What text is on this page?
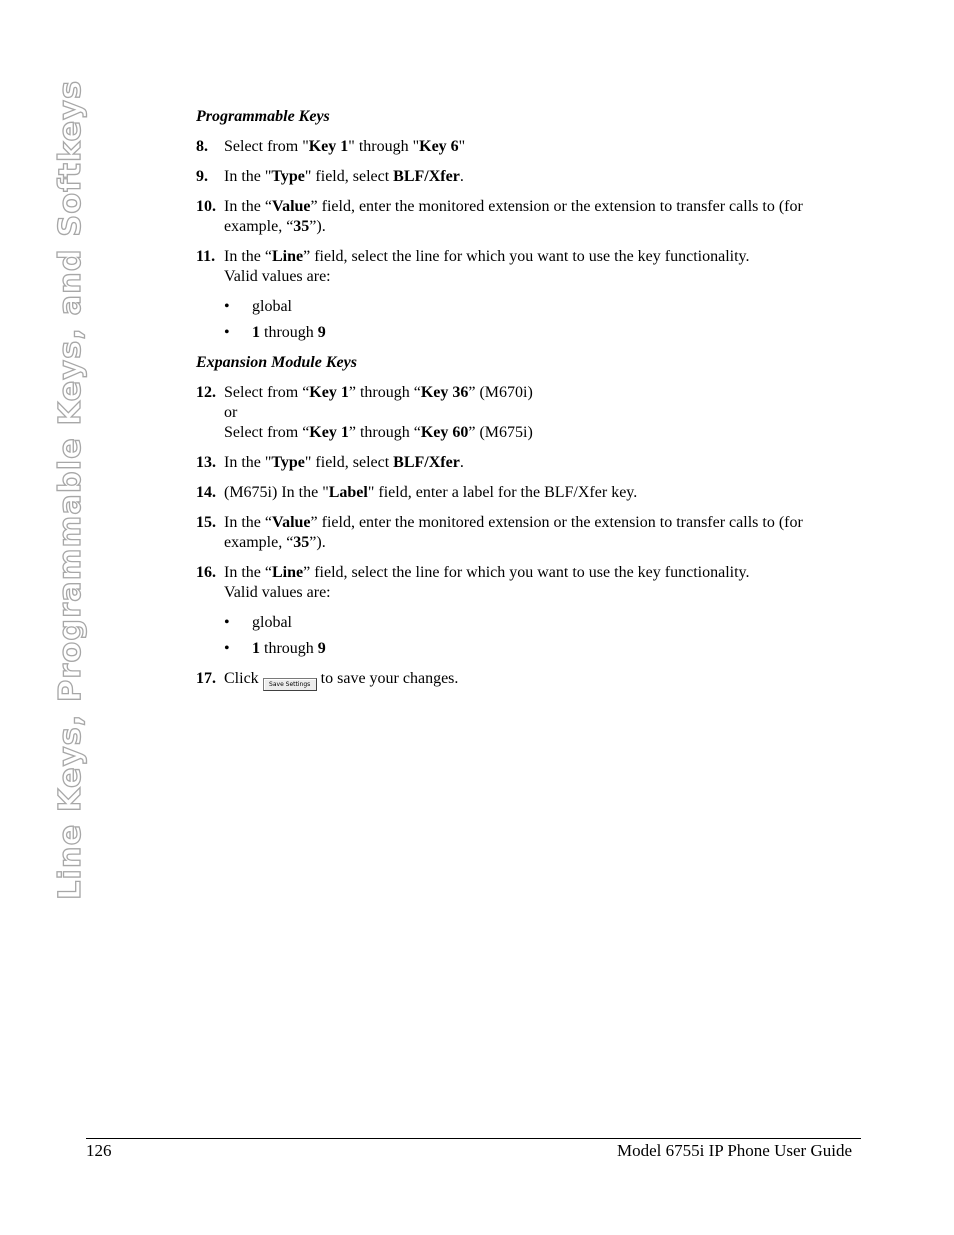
Line Keys, Programmable Keys, and Softkeys	Programmable Keys
8. Select from "Key 1" through "Key 6"
9. In the "Type" field, select BLF/Xfer.
10. In the “Value” field, enter the monitored extension or the extension to transfer calls to (for example, “35”).
11. In the “Line” field, select the line for which you want to use the key functionality.
Valid values are:
• global
• 1 through 9
Expansion Module Keys
12. Select from “Key 1” through “Key 36” (M670i)
or
Select from “Key 1” through “Key 60” (M675i)
13. In the "Type" field, select BLF/Xfer.
14. (M675i) In the "Label" field, enter a label for the BLF/Xfer key.
15. In the “Value” field, enter the monitored extension or the extension to transfer calls to (for example, “35”).
16. In the “Line” field, select the line for which you want to use the key functionality.
Valid values are:
• global
• 1 through 9
17. Click Save Settings to save your changes.
126	Model 6755i IP Phone User Guide
